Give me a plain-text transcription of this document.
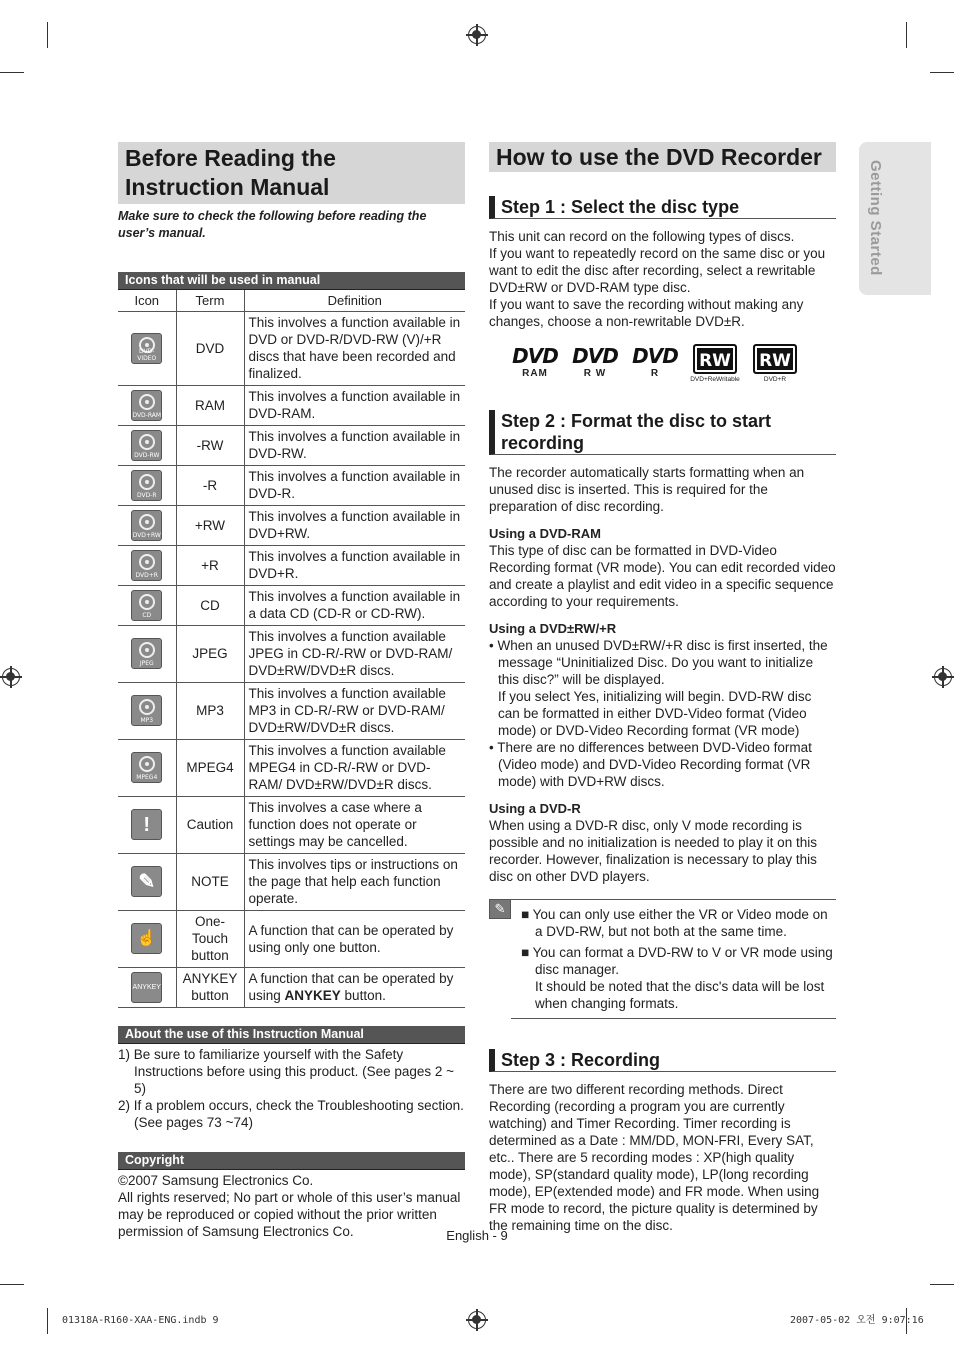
Before Reading the Instruction Manual

Make sure to check the following before reading the user’s manual.

Icons that will be used in manual
Icon	Term	Definition

DVD-VIDEO	DVD	This involves a function available in DVD or DVD-R/DVD-RW (V)/+R discs that have been recorded and finalized.

DVD-RAM	RAM	This involves a function available in DVD-RAM.

DVD-RW	-RW	This involves a function available in DVD-RW.

DVD-R	-R	This involves a function available in DVD-R.

DVD+RW	+RW	This involves a function available in DVD+RW.

DVD+R	+R	This involves a function available in DVD+R.

CD	CD	This involves a function available in a data CD (CD-R or CD-RW).

JPEG	JPEG	This involves a function available JPEG in CD-R/-RW or DVD-RAM/ DVD±RW/DVD±R discs.

MP3	MP3	This involves a function available MP3 in CD-R/-RW or DVD-RAM/ DVD±RW/DVD±R discs.

MPEG4	MPEG4	This involves a function available MPEG4 in CD-R/-RW or DVD-RAM/ DVD±RW/DVD±R discs.
!	Caution	This involves a case where a function does not operate or settings may be cancelled.
✎	NOTE	This involves tips or instructions on the page that help each function operate.
☝	One-Touch button	A function that can be operated by using only one button.
ANYKEY	ANYKEY button	A function that can be operated by using ANYKEY button.
About the use of this Instruction Manual
1) Be sure to familiarize yourself with the Safety Instructions before using this product. (See pages 2 ~ 5)
2) If a problem occurs, check the Troubleshooting section. (See pages 73 ~74)
Copyright

©2007 Samsung Electronics Co.

All rights reserved; No part or whole of this user’s manual may be reproduced or copied without the prior written permission of Samsung Electronics Co.

How to use the DVD Recorder
Step 1 : Select the disc type

This unit can record on the following types of discs.

If you want to repeatedly record on the same disc or you want to edit the disc after recording, select a rewritable DVD±RW or DVD-RAM type disc.

If you want to save the recording without making any changes, choose a non-rewritable DVD±R.

DVD
RAM
DVD
R W
DVD
R
RW
DVD+ReWritable
RW
DVD+R
Step 2 : Format the disc to start recording

The recorder automatically starts formatting when an unused disc is inserted. This is required for the preparation of disc recording.

Using a DVD-RAM

This type of disc can be formatted in DVD-Video Recording format (VR mode). You can edit recorded video and create a playlist and edit video in a specific sequence according to your requirements.

Using a DVD±RW/+R

• When an unused DVD±RW/+R disc is first inserted, the message “Uninitialized Disc. Do you want to initialize this disc?” will be displayed.
If you select Yes, initializing will begin. DVD-RW disc can be formatted in either DVD-Video format (Video mode) or DVD-Video Recording format (VR mode)
• There are no differences between DVD-Video format (Video mode) and DVD-Video Recording format (VR mode) with DVD+RW discs.

Using a DVD-R

When using a DVD-R disc, only V mode recording is possible and no initialization is needed to play it on this recorder. However, finalization is necessary to play this disc on other DVD players.

✎	■ You can only use either the VR or Video mode on a DVD-RW, but not both at the same time.
■ You can format a DVD-RW to V or VR mode using disc manager.
It should be noted that the disc's data will be lost when changing formats.
Step 3 : Recording

There are two different recording methods. Direct Recording (recording a program you are currently watching) and Timer Recording. Timer recording is determined as a Date : MM/DD, MON-FRI, Every SAT, etc.. There are 5 recording modes : XP(high quality mode), SP(standard quality mode), LP(long recording mode), EP(extended mode) and FR mode. When using FR mode to record, the picture quality is determined by the remaining time on the disc.

Getting Started
English - 9
01318A-R160-XAA-ENG.indb 9	2007-05-02 오전 9:07:16
